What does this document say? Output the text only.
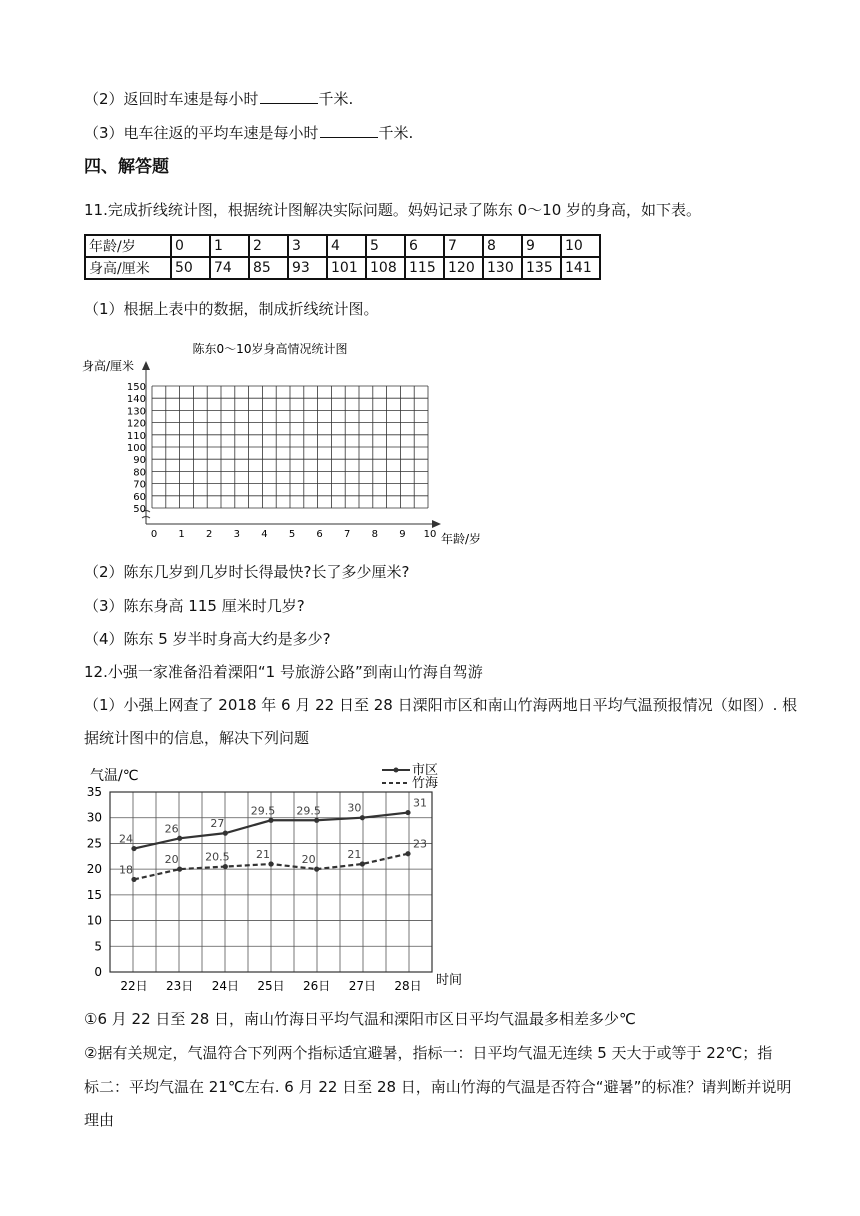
（2）返回时车速是每小时	千米.
（3）电车往返的平均车速是每小时	千米.
四、解答题
11.完成折线统计图，根据统计图解决实际问题。妈妈记录了陈东 0～10 岁的身高，如下表。
年龄/岁	0	1	2	3	4	5	6	7	8	9	10
身高/厘米	50	74	85	93	101	108	115	120	130	135	141
（1）根据上表中的数据，制成折线统计图。
陈东0～10岁身高情况统计图
身高/厘米
年龄/岁
150
140
130
120
110
100
90
80
70
60
50
0 1 2 3 4 5 6 7 8 9 10
（2）陈东几岁到几岁时长得最快?长了多少厘米?
（3）陈东身高 115 厘米时几岁?
（4）陈东 5 岁半时身高大约是多少?
12.小强一家准备沿着溧阳“1 号旅游公路”到南山竹海自驾游
（1）小强上网查了 2018 年 6 月 22 日至 28 日溧阳市区和南山竹海两地日平均气温预报情况（如图）. 根
据统计图中的信息，解决下列问题
气温/℃
时间
市区
竹海
0
5
10
15
20
25
30
35
22日 23日 24日 25日 26日 27日 28日
24
26	27
29.5 29.5 30	31
18
20 20.5 21	20	21
23
①6 月 22 日至 28 日，南山竹海日平均气温和溧阳市区日平均气温最多相差多少℃
②据有关规定，气温符合下列两个指标适宜避暑，指标一：日平均气温无连续 5 天大于或等于 22℃；指
标二：平均气温在 21℃左右. 6 月 22 日至 28 日，南山竹海的气温是否符合“避暑”的标准？请判断并说明
理由
